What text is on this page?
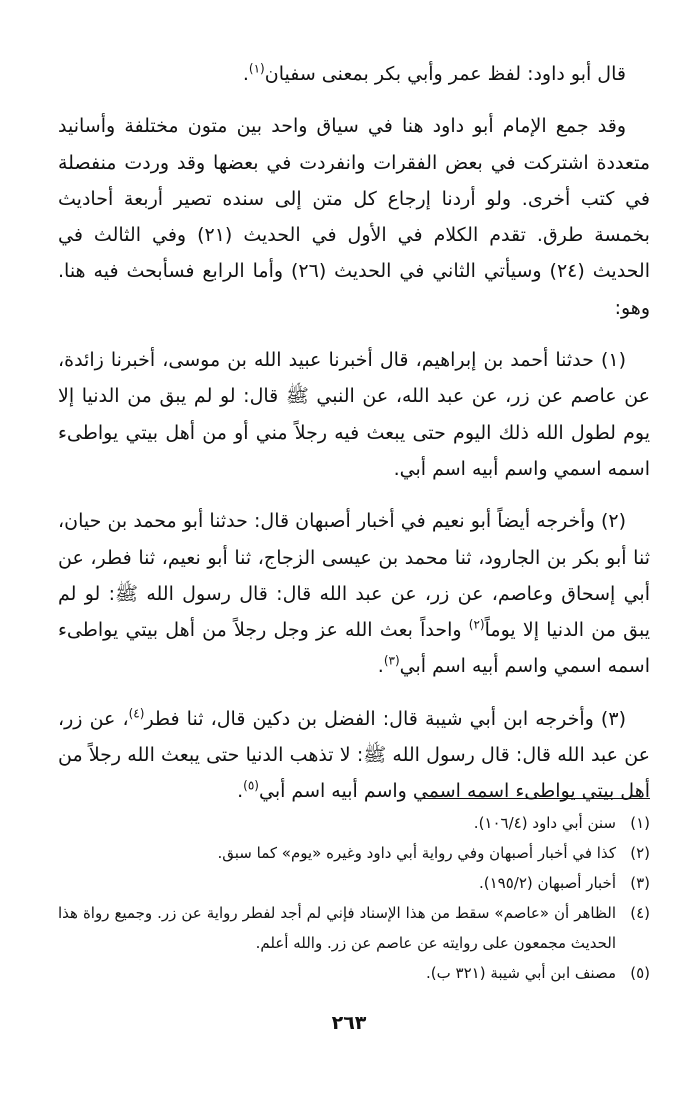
قال أبو داود: لفظ عمر وأبي بكر بمعنى سفيان$^{(١)}$.

وقد جمع الإمام أبو داود هنا في سياق واحد بين متون مختلفة وأسانيد متعددة اشتركت في بعض الفقرات وانفردت في بعضها وقد وردت منفصلة في كتب أخرى. ولو أردنا إرجاع كل متن إلى سنده تصير أربعة أحاديث بخمسة طرق. تقدم الكلام في الأول في الحديث (٢١) وفي الثالث في الحديث (٢٤) وسيأتي الثاني في الحديث (٢٦) وأما الرابع فسأبحث فيه هنا. وهو:

(١) حدثنا أحمد بن إبراهيم، قال أخبرنا عبيد الله بن موسى، أخبرنا زائدة، عن عاصم عن زر، عن عبد الله، عن النبي ﷺ قال: لو لم يبق من الدنيا إلا يوم لطول الله ذلك اليوم حتى يبعث فيه رجلاً مني أو من أهل بيتي يواطىء اسمه اسمي واسم أبيه اسم أبي.

(٢) وأخرجه أيضاً أبو نعيم في أخبار أصبهان قال: حدثنا أبو محمد بن حيان، ثنا أبو بكر بن الجارود، ثنا محمد بن عيسى الزجاج، ثنا أبو نعيم، ثنا فطر، عن أبي إسحاق وعاصم، عن زر، عن عبد الله قال: قال رسول الله ﷺ: لو لم يبق من الدنيا إلا يوماً$^{(٢)}$ واحداً بعث الله عز وجل رجلاً من أهل بيتي يواطىء اسمه اسمي واسم أبيه اسم أبي$^{(٣)}$.

(٣) وأخرجه ابن أبي شيبة قال: الفضل بن دكين قال، ثنا فطر$^{(٤)}$، عن زر، عن عبد الله قال: قال رسول الله ﷺ: لا تذهب الدنيا حتى يبعث الله رجلاً من أهل بيتي يواطىء اسمه اسمي واسم أبيه اسم أبي$^{(٥)}$.

(١)
سنن أبي داود (١٠٦/٤).
(٢)
كذا في أخبار أصبهان وفي رواية أبي داود وغيره «يوم» كما سبق.
(٣)
أخبار أصبهان (١٩٥/٢).
(٤)
الظاهر أن «عاصم» سقط من هذا الإسناد فإني لم أجد لفطر رواية عن زر. وجميع رواة هذا الحديث مجمعون على روايته عن عاصم عن زر. والله أعلم.
(٥)
مصنف ابن أبي شيبة (٣٢١ ب).
٢٦٣
